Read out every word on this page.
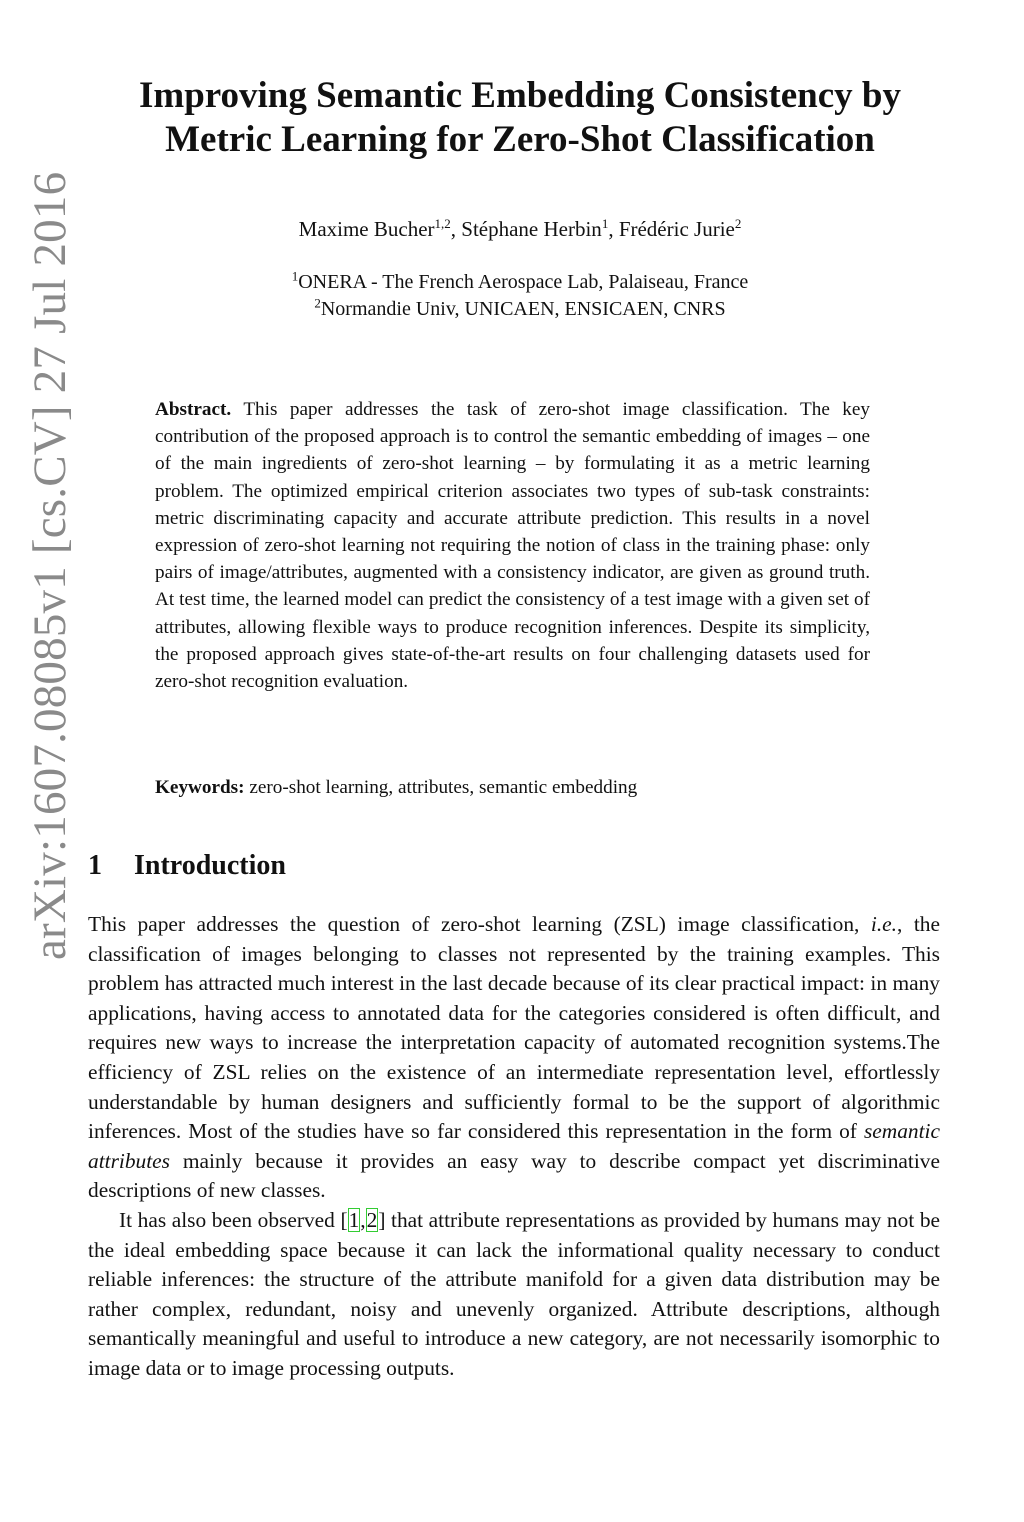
arXiv:1607.08085v1 [cs.CV] 27 Jul 2016
Improving Semantic Embedding Consistency by
Metric Learning for Zero-Shot Classification
Maxime Bucher$^{1,2}$, Stéphane Herbin$^1$, Frédéric Jurie$^2$
$^1$ONERA - The French Aerospace Lab, Palaiseau, France
$^2$Normandie Univ, UNICAEN, ENSICAEN, CNRS

Abstract. This paper addresses the task of zero-shot image classification. The key contribution of the proposed approach is to control the semantic embedding of images – one of the main ingredients of zero-shot learning – by formulating it as a metric learning problem. The optimized empirical criterion associates two types of sub-task constraints: metric discriminating capacity and accurate attribute prediction. This results in a novel expression of zero-shot learning not requiring the notion of class in the training phase: only pairs of image/attributes, augmented with a consistency indicator, are given as ground truth. At test time, the learned model can predict the consistency of a test image with a given set of attributes, allowing flexible ways to produce recognition inferences. Despite its simplicity, the proposed approach gives state-of-the-art results on four challenging datasets used for zero-shot recognition evaluation.

Keywords: zero-shot learning, attributes, semantic embedding

1 Introduction

This paper addresses the question of zero-shot learning (ZSL) image classification, i.e., the classification of images belonging to classes not represented by the training examples. This problem has attracted much interest in the last decade because of its clear practical impact: in many applications, having access to annotated data for the categories considered is often difficult, and requires new ways to increase the interpretation capacity of automated recognition systems.The efficiency of ZSL relies on the existence of an intermediate representation level, effortlessly understandable by human designers and sufficiently formal to be the support of algorithmic inferences. Most of the studies have so far considered this representation in the form of semantic attributes mainly because it provides an easy way to describe compact yet discriminative descriptions of new classes.

It has also been observed [1,2] that attribute representations as provided by humans may not be the ideal embedding space because it can lack the informational quality necessary to conduct reliable inferences: the structure of the attribute manifold for a given data distribution may be rather complex, redundant, noisy and unevenly organized. Attribute descriptions, although semantically meaningful and useful to introduce a new category, are not necessarily isomorphic to image data or to image processing outputs.
